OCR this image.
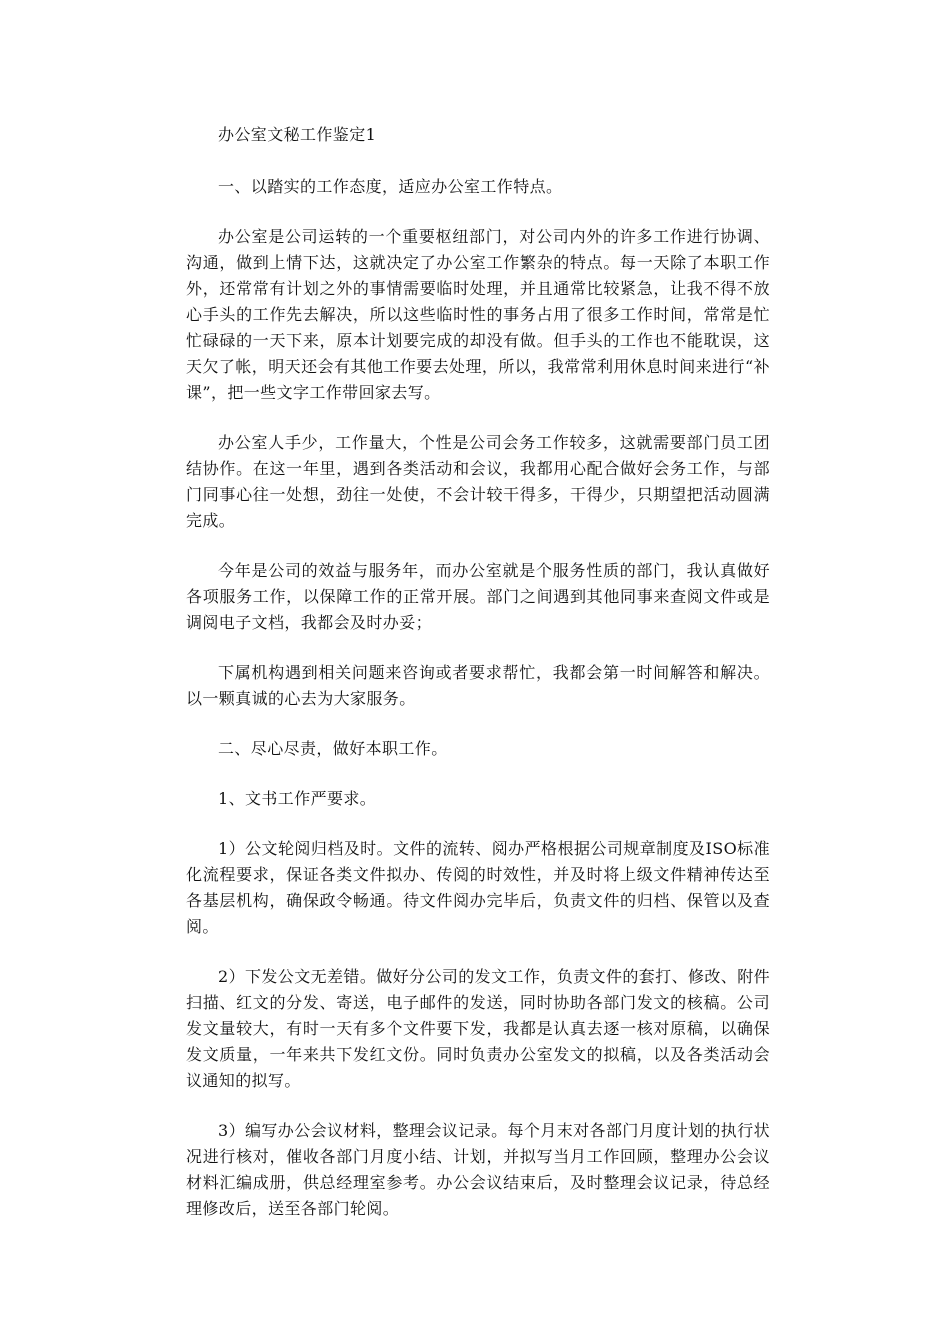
办公室文秘工作鉴定1

一、以踏实的工作态度，适应办公室工作特点。

办公室是公司运转的一个重要枢纽部门，对公司内外的许多工作进行协调、沟通，做到上情下达，这就决定了办公室工作繁杂的特点。每一天除了本职工作外，还常常有计划之外的事情需要临时处理，并且通常比较紧急，让我不得不放心手头的工作先去解决，所以这些临时性的事务占用了很多工作时间，常常是忙忙碌碌的一天下来，原本计划要完成的却没有做。但手头的工作也不能耽误，这天欠了帐，明天还会有其他工作要去处理，所以，我常常利用休息时间来进行“补课”，把一些文字工作带回家去写。

办公室人手少，工作量大，个性是公司会务工作较多，这就需要部门员工团结协作。在这一年里，遇到各类活动和会议，我都用心配合做好会务工作，与部门同事心往一处想，劲往一处使，不会计较干得多，干得少，只期望把活动圆满完成。

今年是公司的效益与服务年，而办公室就是个服务性质的部门，我认真做好各项服务工作，以保障工作的正常开展。部门之间遇到其他同事来查阅文件或是调阅电子文档，我都会及时办妥；

下属机构遇到相关问题来咨询或者要求帮忙，我都会第一时间解答和解决。以一颗真诚的心去为大家服务。

二、尽心尽责，做好本职工作。

1、文书工作严要求。

1）公文轮阅归档及时。文件的流转、阅办严格根据公司规章制度及ISO标准化流程要求，保证各类文件拟办、传阅的时效性，并及时将上级文件精神传达至各基层机构，确保政令畅通。待文件阅办完毕后，负责文件的归档、保管以及查阅。

2）下发公文无差错。做好分公司的发文工作，负责文件的套打、修改、附件扫描、红文的分发、寄送，电子邮件的发送，同时协助各部门发文的核稿。公司发文量较大，有时一天有多个文件要下发，我都是认真去逐一核对原稿，以确保发文质量，一年来共下发红文份。同时负责办公室发文的拟稿，以及各类活动会议通知的拟写。

3）编写办公会议材料，整理会议记录。每个月末对各部门月度计划的执行状况进行核对，催收各部门月度小结、计划，并拟写当月工作回顾，整理办公会议材料汇编成册，供总经理室参考。办公会议结束后，及时整理会议记录，待总经理修改后，送至各部门轮阅。
